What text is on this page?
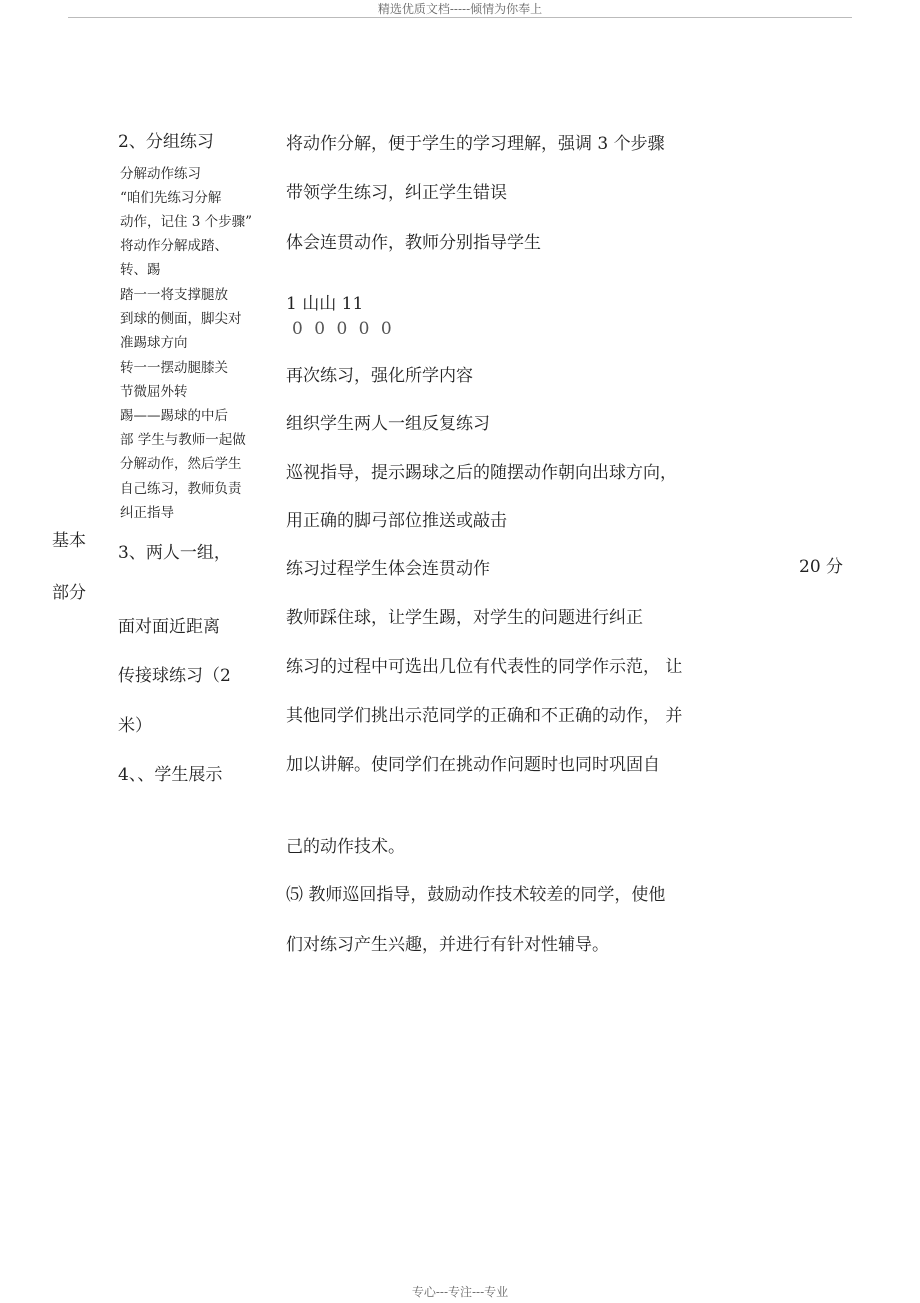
精选优质文档-----倾情为你奉上
基本
部分
2、分组练习
分解动作练习
“咱们先练习分解
动作，记住 3 个步骤”
将动作分解成踏、
转、踢
踏一一将支撑腿放
到球的侧面，脚尖对
准踢球方向
转一一摆动腿膝关
节微屈外转
踢——踢球的中后
部 学生与教师一起做
分解动作，然后学生
自己练习，教师负责
纠正指导
3、两人一组，
面对面近距离
传接球练习（2
米）
4、、学生展示
将动作分解，便于学生的学习理解，强调 3 个步骤
带领学生练习，纠正学生错误
体会连贯动作，教师分别指导学生
1 山山 11
0 0 0 0 0
再次练习，强化所学内容
组织学生两人一组反复练习
巡视指导，提示踢球之后的随摆动作朝向出球方向，
用正确的脚弓部位推送或敲击
练习过程学生体会连贯动作
教师踩住球，让学生踢，对学生的问题进行纠正
练习的过程中可选出几位有代表性的同学作示范， 让
其他同学们挑出示范同学的正确和不正确的动作， 并
加以讲解。使同学们在挑动作问题时也同时巩固自
己的动作技术。
⑸ 教师巡回指导，鼓励动作技术较差的同学，使他
们对练习产生兴趣，并进行有针对性辅导。
20 分
专心---专注---专业
